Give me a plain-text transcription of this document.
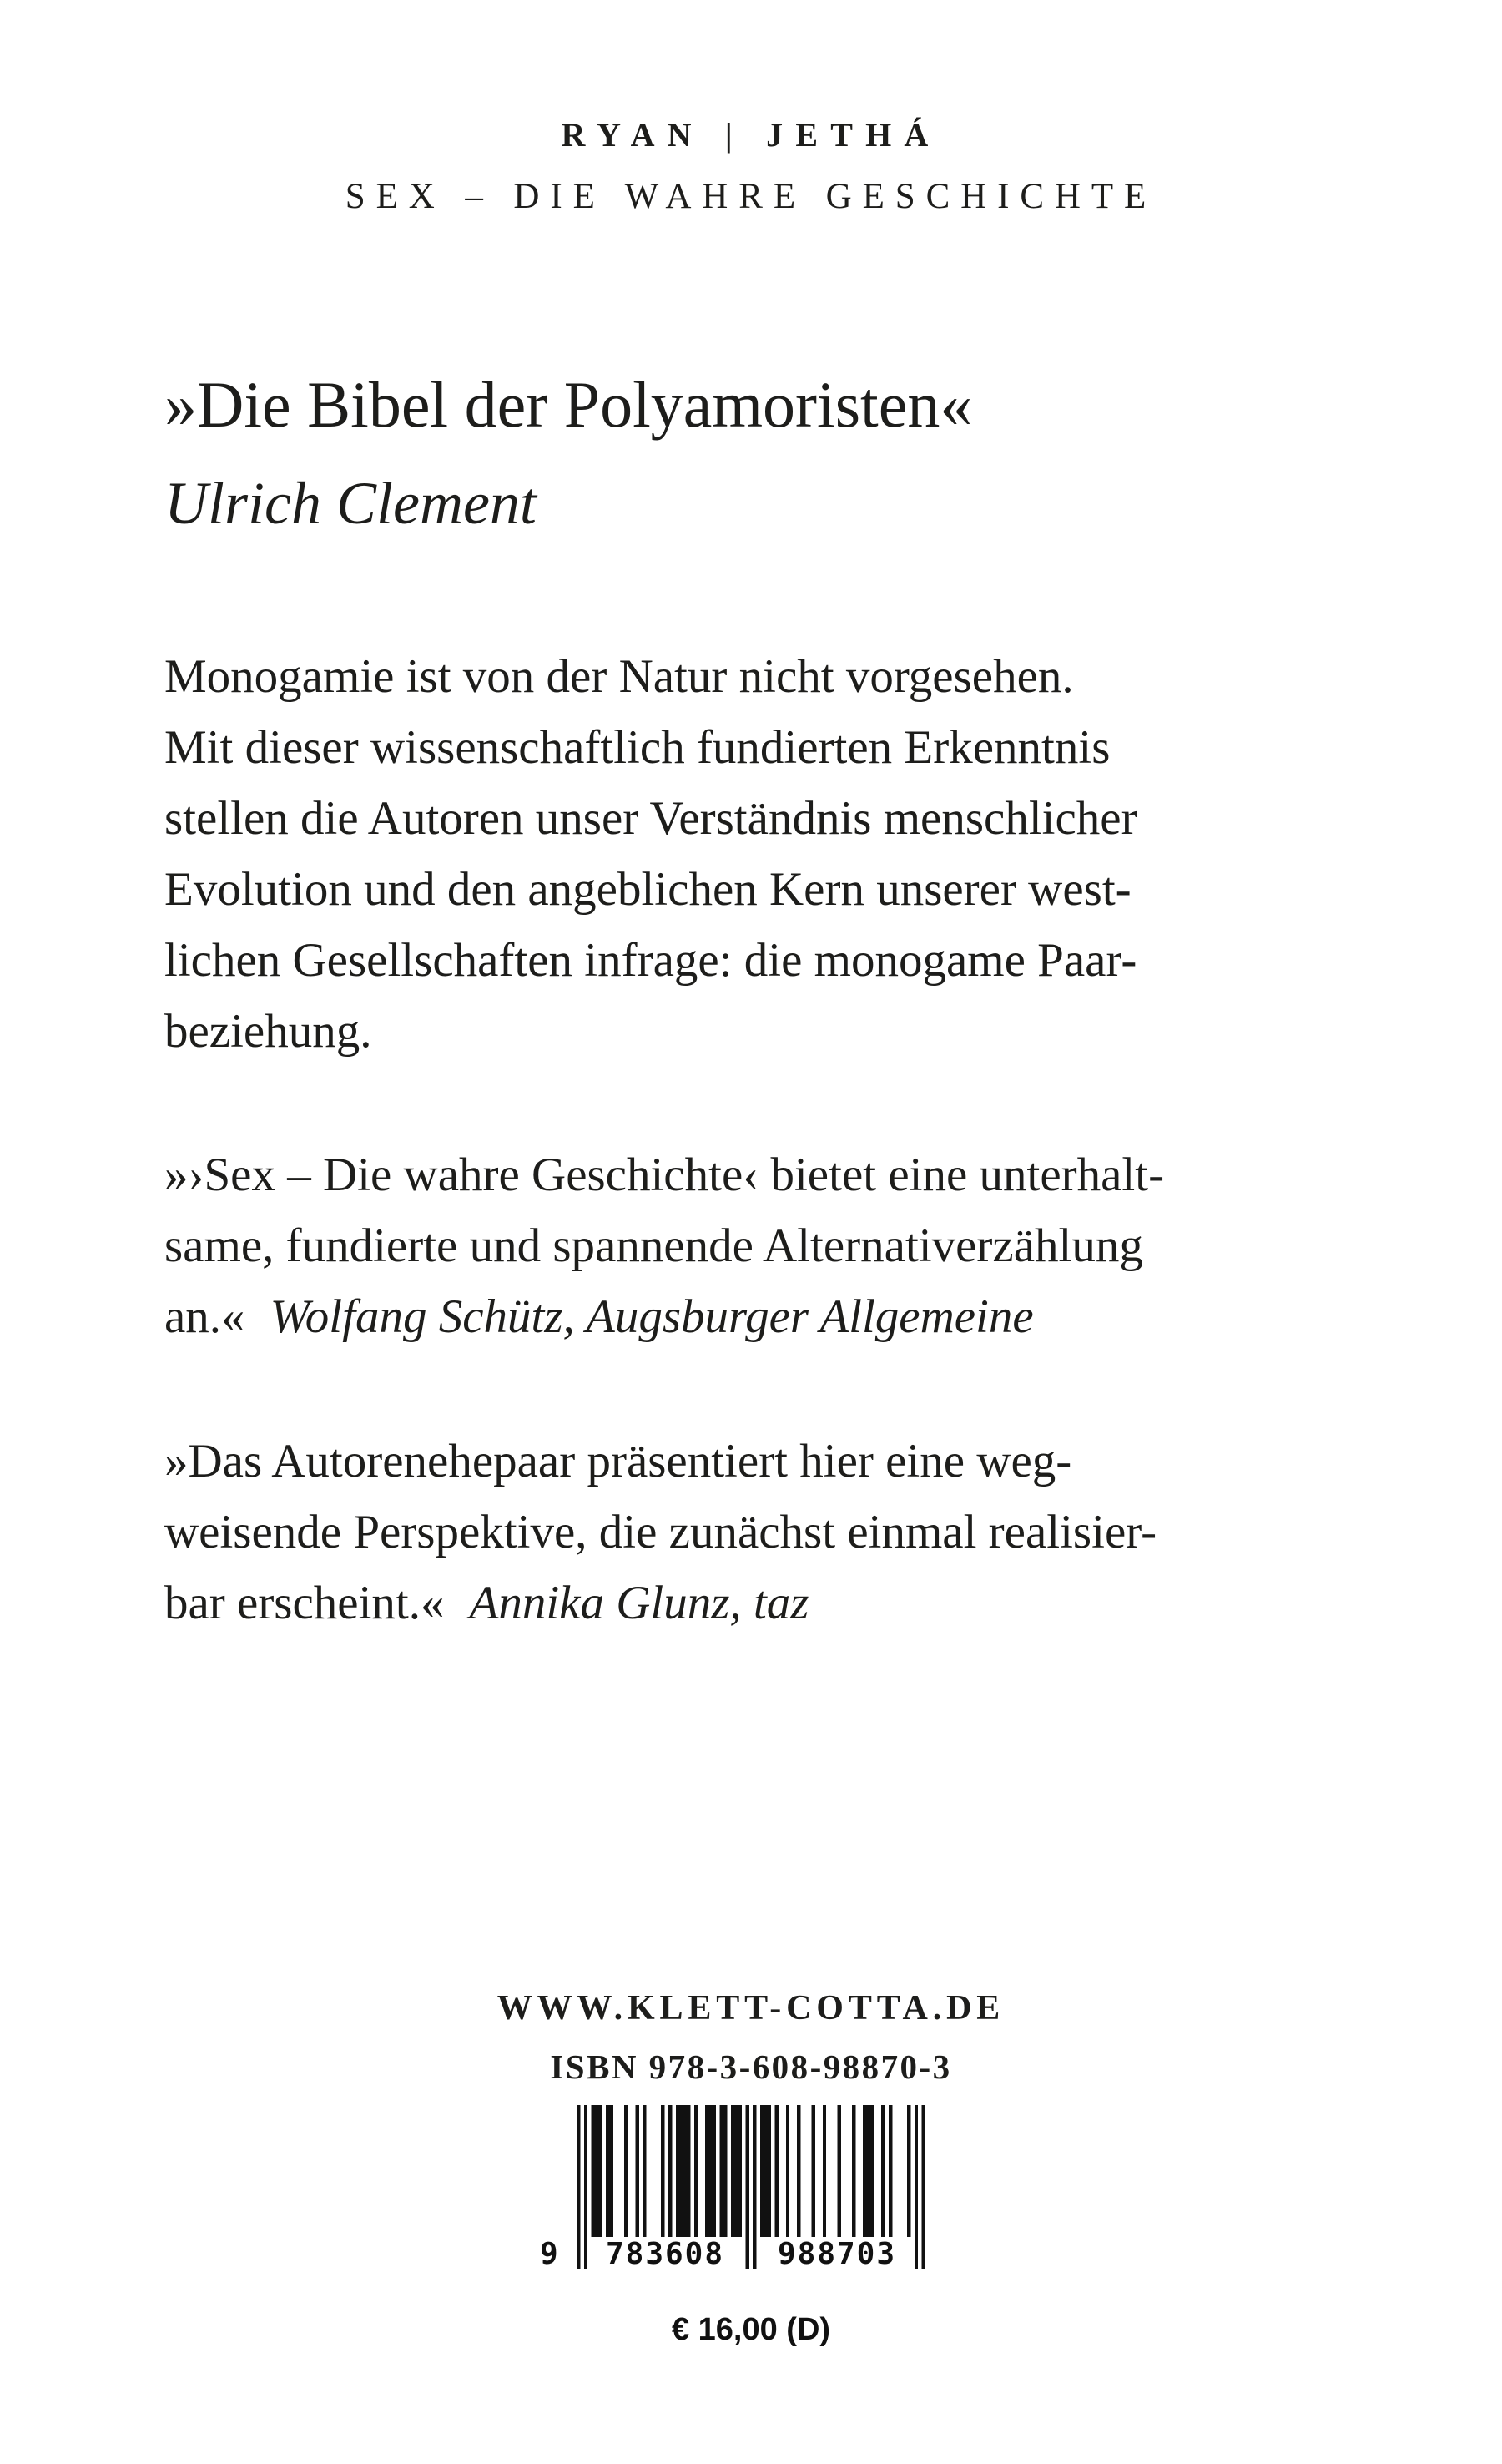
RYAN | JETHÁ
SEX – DIE WAHRE GESCHICHTE
»Die Bibel der Polyamoristen«
Ulrich Clement
Monogamie ist von der Natur nicht vorgesehen.
Mit dieser wissenschaftlich fundierten Erkenntnis
stellen die Autoren unser Verständnis menschlicher
Evolution und den angeblichen Kern unserer west-
lichen Gesellschaften infrage: die monogame Paar-
beziehung.
»›Sex – Die wahre Geschichte‹ bietet eine unterhalt-
same, fundierte und spannende Alternativerzählung
an.« Wolfang Schütz, Augsburger Allgemeine
»Das Autorenehepaar präsentiert hier eine weg-
weisende Perspektive, die zunächst einmal realisier-
bar erscheint.« Annika Glunz, taz
WWW.KLETT-COTTA.DE
ISBN 978-3-608-98870-3
9	783608	988703
€ 16,00 (D)
